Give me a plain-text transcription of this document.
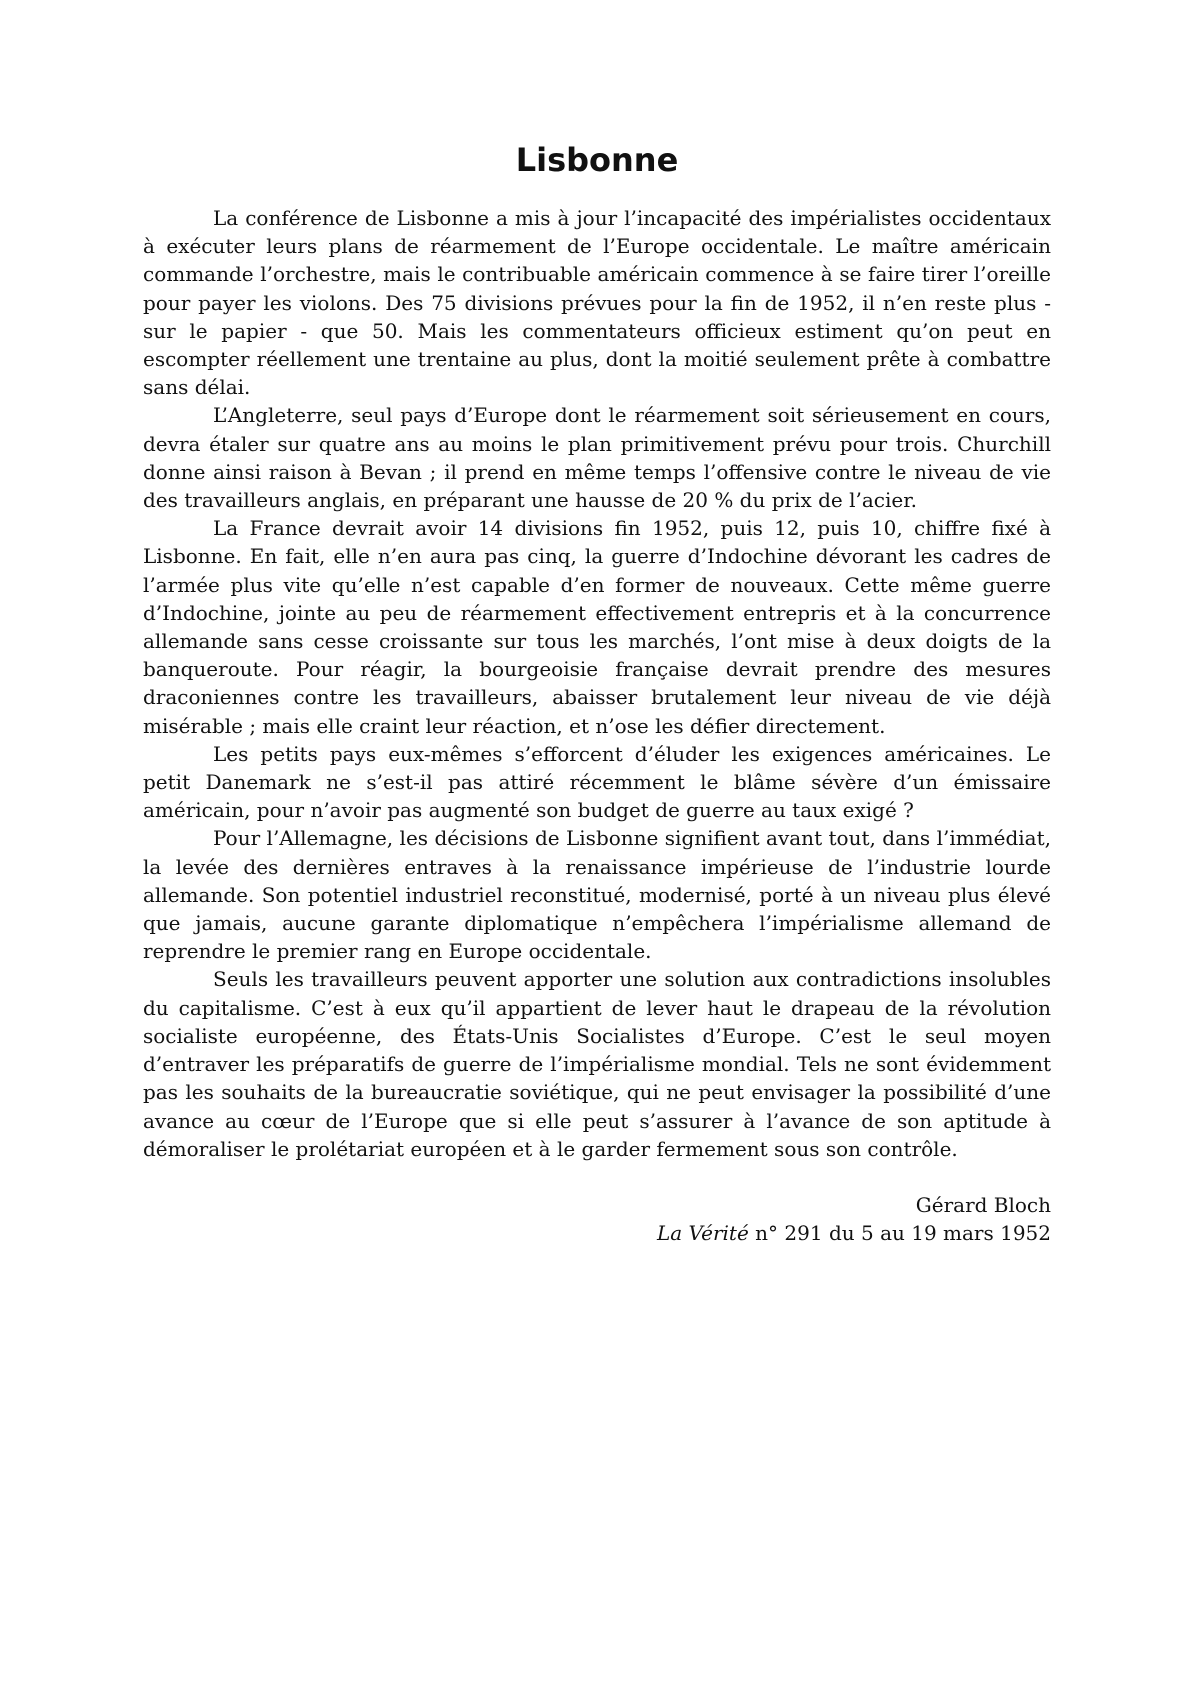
Lisbonne

La conférence de Lisbonne a mis à jour l’incapacité des impérialistes occidentaux à exécuter leurs plans de réarmement de l’Europe occidentale. Le maître américain commande l’orchestre, mais le contribuable américain commence à se faire tirer l’oreille pour payer les violons. Des 75 divisions prévues pour la fin de 1952, il n’en reste plus - sur le papier - que 50. Mais les commentateurs officieux estiment qu’on peut en escompter réellement une trentaine au plus, dont la moitié seulement prête à combattre sans délai.

L’Angleterre, seul pays d’Europe dont le réarmement soit sérieusement en cours, devra étaler sur quatre ans au moins le plan primitivement prévu pour trois. Churchill donne ainsi raison à Bevan ; il prend en même temps l’offensive contre le niveau de vie des travailleurs anglais, en préparant une hausse de 20 % du prix de l’acier.

La France devrait avoir 14 divisions fin 1952, puis 12, puis 10, chiffre fixé à Lisbonne. En fait, elle n’en aura pas cinq, la guerre d’Indochine dévorant les cadres de l’armée plus vite qu’elle n’est capable d’en former de nouveaux. Cette même guerre d’Indochine, jointe au peu de réarmement effectivement entrepris et à la concurrence allemande sans cesse croissante sur tous les marchés, l’ont mise à deux doigts de la banqueroute. Pour réagir, la bourgeoisie française devrait prendre des mesures draconiennes contre les travailleurs, abaisser brutalement leur niveau de vie déjà misérable ; mais elle craint leur réaction, et n’ose les défier directement.

Les petits pays eux-mêmes s’efforcent d’éluder les exigences américaines. Le petit Danemark ne s’est-il pas attiré récemment le blâme sévère d’un émissaire américain, pour n’avoir pas augmenté son budget de guerre au taux exigé ?

Pour l’Allemagne, les décisions de Lisbonne signifient avant tout, dans l’immédiat, la levée des dernières entraves à la renaissance impérieuse de l’industrie lourde allemande. Son potentiel industriel reconstitué, modernisé, porté à un niveau plus élevé que jamais, aucune garante diplomatique n’empêchera l’impérialisme allemand de reprendre le premier rang en Europe occidentale.

Seuls les travailleurs peuvent apporter une solution aux contradictions insolubles du capitalisme. C’est à eux qu’il appartient de lever haut le drapeau de la révolution socialiste européenne, des États-Unis Socialistes d’Europe. C’est le seul moyen d’entraver les préparatifs de guerre de l’impérialisme mondial. Tels ne sont évidemment pas les souhaits de la bureaucratie soviétique, qui ne peut envisager la possibilité d’une avance au cœur de l’Europe que si elle peut s’assurer à l’avance de son aptitude à démoraliser le prolétariat européen et à le garder fermement sous son contrôle.

Gérard Bloch
La Vérité n° 291 du 5 au 19 mars 1952
